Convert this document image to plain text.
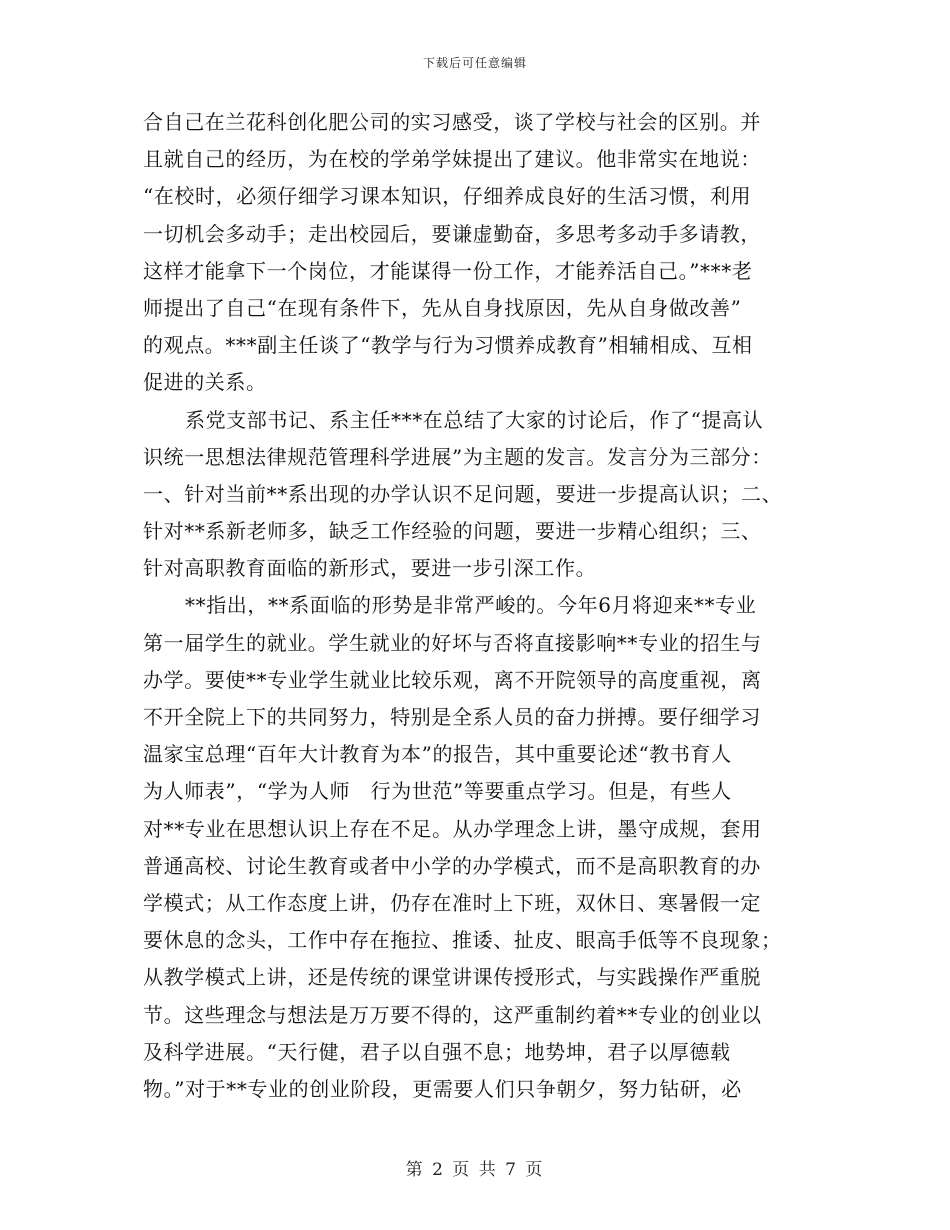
下载后可任意编辑
合自己在兰花科创化肥公司的实习感受，谈了学校与社会的区别。并
且就自己的经历，为在校的学弟学妹提出了建议。他非常实在地说：
“在校时，必须仔细学习课本知识，仔细养成良好的生活习惯，利用
一切机会多动手；走出校园后，要谦虚勤奋，多思考多动手多请教，
这样才能拿下一个岗位，才能谋得一份工作，才能养活自己。”***老
师提出了自己“在现有条件下，先从自身找原因，先从自身做改善”
的观点。***副主任谈了“教学与行为习惯养成教育”相辅相成、互相
促进的关系。
系党支部书记、系主任***在总结了大家的讨论后，作了“提高认
识统一思想法律规范管理科学进展”为主题的发言。发言分为三部分：
一、针对当前**系出现的办学认识不足问题，要进一步提高认识；二、
针对**系新老师多，缺乏工作经验的问题，要进一步精心组织；三、
针对高职教育面临的新形式，要进一步引深工作。
**指出，**系面临的形势是非常严峻的。今年6月将迎来**专业
第一届学生的就业。学生就业的好坏与否将直接影响**专业的招生与
办学。要使**专业学生就业比较乐观，离不开院领导的高度重视，离
不开全院上下的共同努力，特别是全系人员的奋力拼搏。要仔细学习
温家宝总理“百年大计教育为本”的报告，其中重要论述“教书育人
为人师表”，“学为人师　行为世范”等要重点学习。但是，有些人
对**专业在思想认识上存在不足。从办学理念上讲，墨守成规，套用
普通高校、讨论生教育或者中小学的办学模式，而不是高职教育的办
学模式；从工作态度上讲，仍存在准时上下班，双休日、寒暑假一定
要休息的念头，工作中存在拖拉、推诿、扯皮、眼高手低等不良现象；
从教学模式上讲，还是传统的课堂讲课传授形式，与实践操作严重脱
节。这些理念与想法是万万要不得的，这严重制约着**专业的创业以
及科学进展。“天行健，君子以自强不息；地势坤，君子以厚德载
物。”对于**专业的创业阶段，更需要人们只争朝夕，努力钻研，必
第 2 页 共 7 页
